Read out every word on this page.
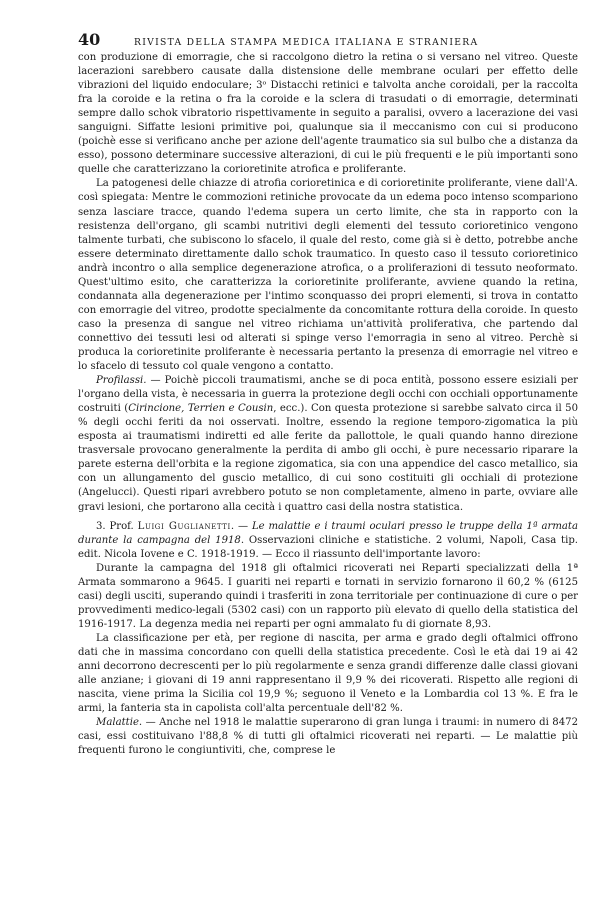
40	RIVISTA DELLA STAMPA MEDICA ITALIANA E STRANIERA

con produzione di emorragie, che si raccolgono dietro la retina o si versano nel vitreo. Queste lacerazioni sarebbero causate dalla distensione delle membrane oculari per effetto delle vibrazioni del liquido endoculare; 3ᵒ Distacchi retinici e talvolta anche coroidali, per la raccolta fra la coroide e la retina o fra la coroide e la sclera di trasudati o di emorragie, determinati sempre dallo schok vibratorio rispettivamente in seguito a paralisi, ovvero a lacerazione dei vasi sanguigni. Siffatte lesioni primitive poi, qualunque sia il meccanismo con cui si producono (poichè esse si verificano anche per azione dell'agente traumatico sia sul bulbo che a distanza da esso), possono determinare successive alterazioni, di cui le più frequenti e le più importanti sono quelle che caratterizzano la corioretinite atrofica e proliferante.

La patogenesi delle chiazze di atrofia corioretinica e di corioretinite proliferante, viene dall'A. così spiegata: Mentre le commozioni retiniche provocate da un edema poco intenso scompariono senza lasciare tracce, quando l'edema supera un certo limite, che sta in rapporto con la resistenza dell'organo, gli scambi nutritivi degli elementi del tessuto corioretinico vengono talmente turbati, che subiscono lo sfacelo, il quale del resto, come già si è detto, potrebbe anche essere determinato direttamente dallo schok traumatico. In questo caso il tessuto corioretinico andrà incontro o alla semplice degenerazione atrofica, o a proliferazioni di tessuto neoformato. Quest'ultimo esito, che caratterizza la corioretinite proliferante, avviene quando la retina, condannata alla degenerazione per l'intimo sconquasso dei propri elementi, si trova in contatto con emorragie del vitreo, prodotte specialmente da concomitante rottura della coroide. In questo caso la presenza di sangue nel vitreo richiama un'attività proliferativa, che partendo dal connettivo dei tessuti lesi od alterati si spinge verso l'emorragia in seno al vitreo. Perchè si produca la corioretinite proliferante è necessaria pertanto la presenza di emorragie nel vitreo e lo sfacelo di tessuto col quale vengono a contatto.

Profilassi. — Poichè piccoli traumatismi, anche se di poca entità, possono essere esiziali per l'organo della vista, è necessaria in guerra la protezione degli occhi con occhiali opportunamente costruiti (Cirincione, Terrien e Cousin, ecc.). Con questa protezione si sarebbe salvato circa il 50 % degli occhi feriti da noi osservati. Inoltre, essendo la regione temporo-zigomatica la più esposta ai traumatismi indiretti ed alle ferite da pallottole, le quali quando hanno direzione trasversale provocano generalmente la perdita di ambo gli occhi, è pure necessario riparare la parete esterna dell'orbita e la regione zigomatica, sia con una appendice del casco metallico, sia con un allungamento del guscio metallico, di cui sono costituiti gli occhiali di protezione (Angelucci). Questi ripari avrebbero potuto se non completamente, almeno in parte, ovviare alle gravi lesioni, che portarono alla cecità i quattro casi della nostra statistica.

3. Prof. Luigi Guglianetti. — Le malattie e i traumi oculari presso le truppe della 1ª armata durante la campagna del 1918. Osservazioni cliniche e statistiche. 2 volumi, Napoli, Casa tip. edit. Nicola Iovene e C. 1918-1919. — Ecco il riassunto dell'importante lavoro:

Durante la campagna del 1918 gli oftalmici ricoverati nei Reparti specializzati della 1ª Armata sommarono a 9645. I guariti nei reparti e tornati in servizio fornarono il 60,2 % (6125 casi) degli usciti, superando quindi i trasferiti in zona territoriale per continuazione di cure o per provvedimenti medico-legali (5302 casi) con un rapporto più elevato di quello della statistica del 1916-1917. La degenza media nei reparti per ogni ammalato fu di giornate 8,93.

La classificazione per età, per regione di nascita, per arma e grado degli oftalmici offrono dati che in massima concordano con quelli della statistica precedente. Così le età dai 19 ai 42 anni decorrono decrescenti per lo più regolarmente e senza grandi differenze dalle classi giovani alle anziane; i giovani di 19 anni rappresentano il 9,9 % dei ricoverati. Rispetto alle regioni di nascita, viene prima la Sicilia col 19,9 %; seguono il Veneto e la Lombardia col 13 %. E fra le armi, la fanteria sta in capolista coll'alta percentuale dell'82 %.

Malattie. — Anche nel 1918 le malattie superarono di gran lunga i traumi: in numero di 8472 casi, essi costituivano l'88,8 % di tutti gli oftalmici ricoverati nei reparti. — Le malattie più frequenti furono le congiuntiviti, che, comprese le
